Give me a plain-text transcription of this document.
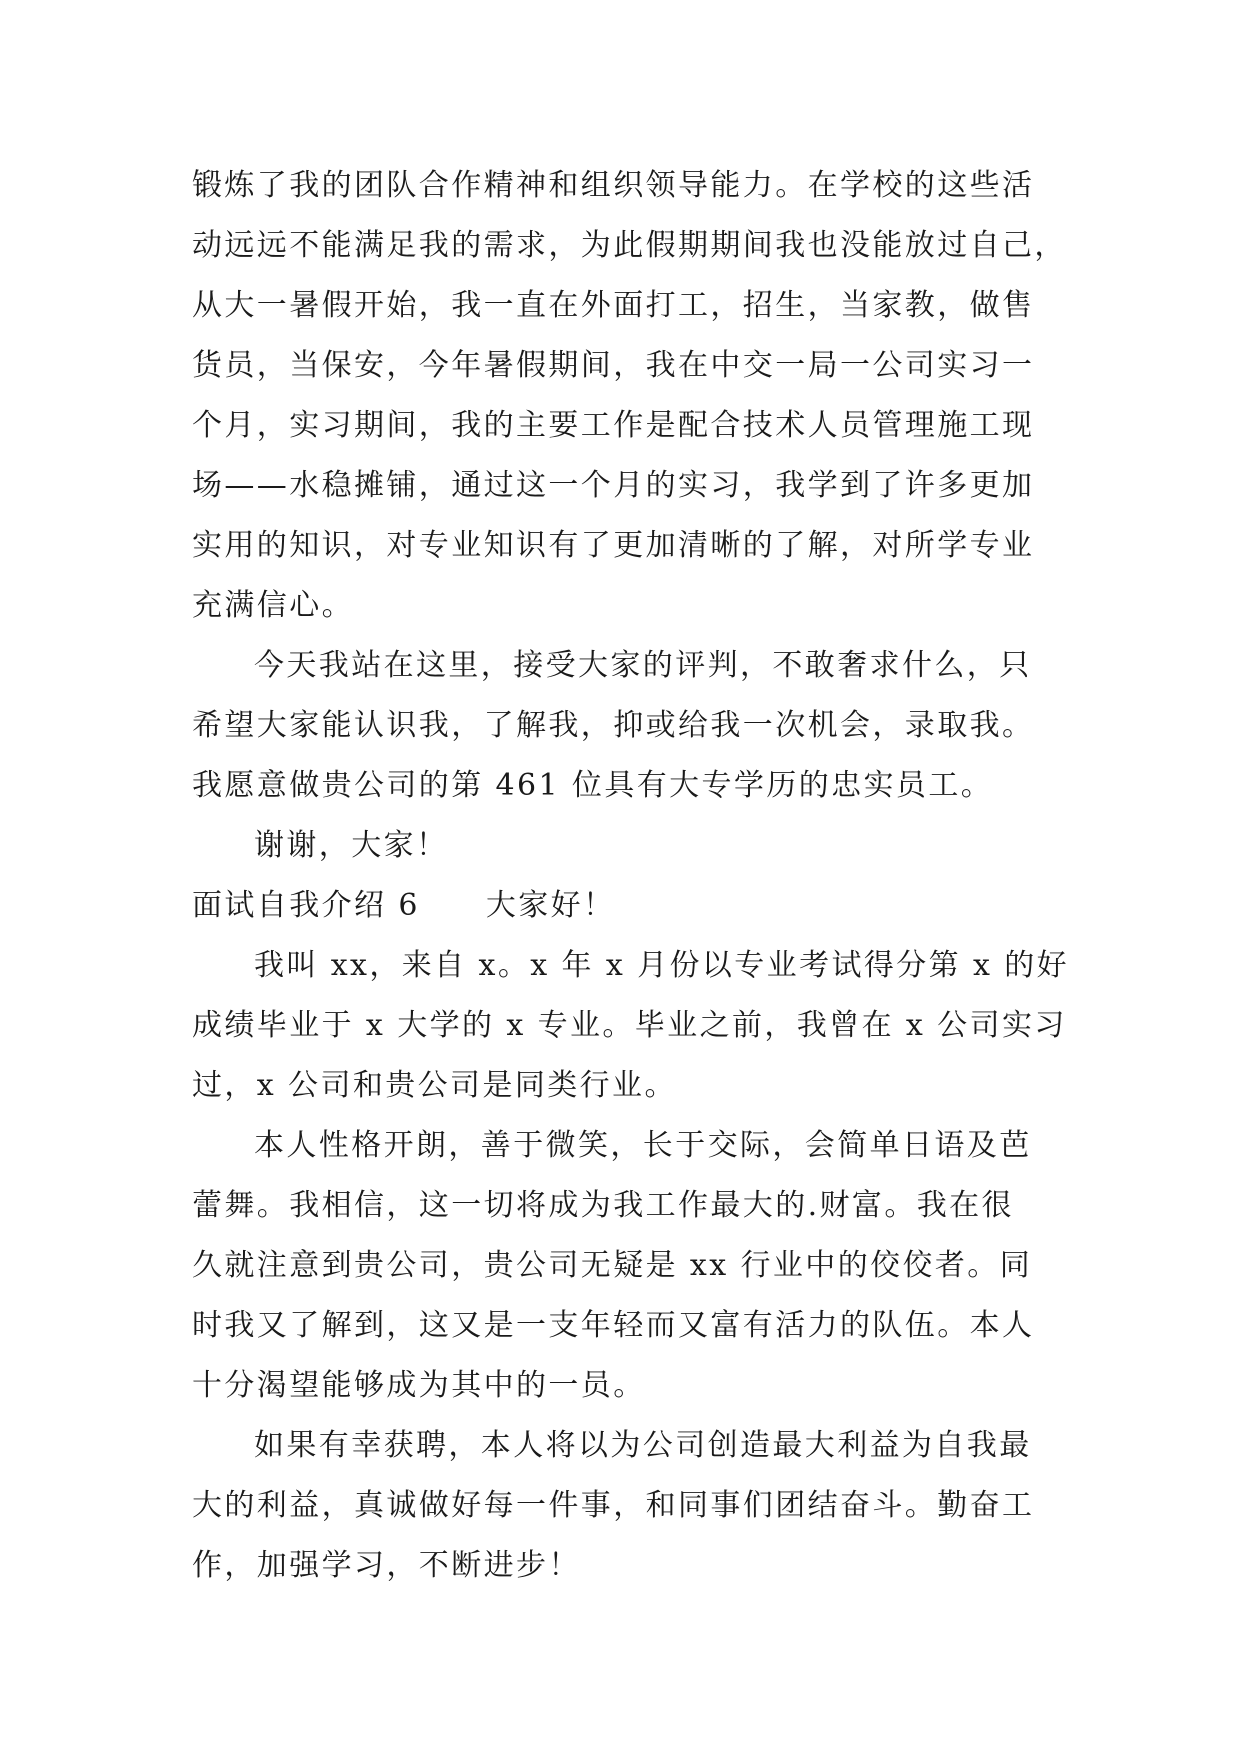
锻炼了我的团队合作精神和组织领导能力。在学校的这些活
动远远不能满足我的需求，为此假期期间我也没能放过自己，
从大一暑假开始，我一直在外面打工，招生，当家教，做售
货员，当保安，今年暑假期间，我在中交一局一公司实习一
个月，实习期间，我的主要工作是配合技术人员管理施工现
场——水稳摊铺，通过这一个月的实习，我学到了许多更加
实用的知识，对专业知识有了更加清晰的了解，对所学专业
充满信心。
今天我站在这里，接受大家的评判，不敢奢求什么，只
希望大家能认识我，了解我，抑或给我一次机会，录取我。
我愿意做贵公司的第 461 位具有大专学历的忠实员工。
谢谢，大家！
面试自我介绍 6 大家好！
我叫 xx，来自 x。x 年 x 月份以专业考试得分第 x 的好
成绩毕业于 x 大学的 x 专业。毕业之前，我曾在 x 公司实习
过，x 公司和贵公司是同类行业。
本人性格开朗，善于微笑，长于交际，会简单日语及芭
蕾舞。我相信，这一切将成为我工作最大的.财富。我在很
久就注意到贵公司，贵公司无疑是 xx 行业中的佼佼者。同
时我又了解到，这又是一支年轻而又富有活力的队伍。本人
十分渴望能够成为其中的一员。
如果有幸获聘，本人将以为公司创造最大利益为自我最
大的利益，真诚做好每一件事，和同事们团结奋斗。勤奋工
作，加强学习，不断进步！
